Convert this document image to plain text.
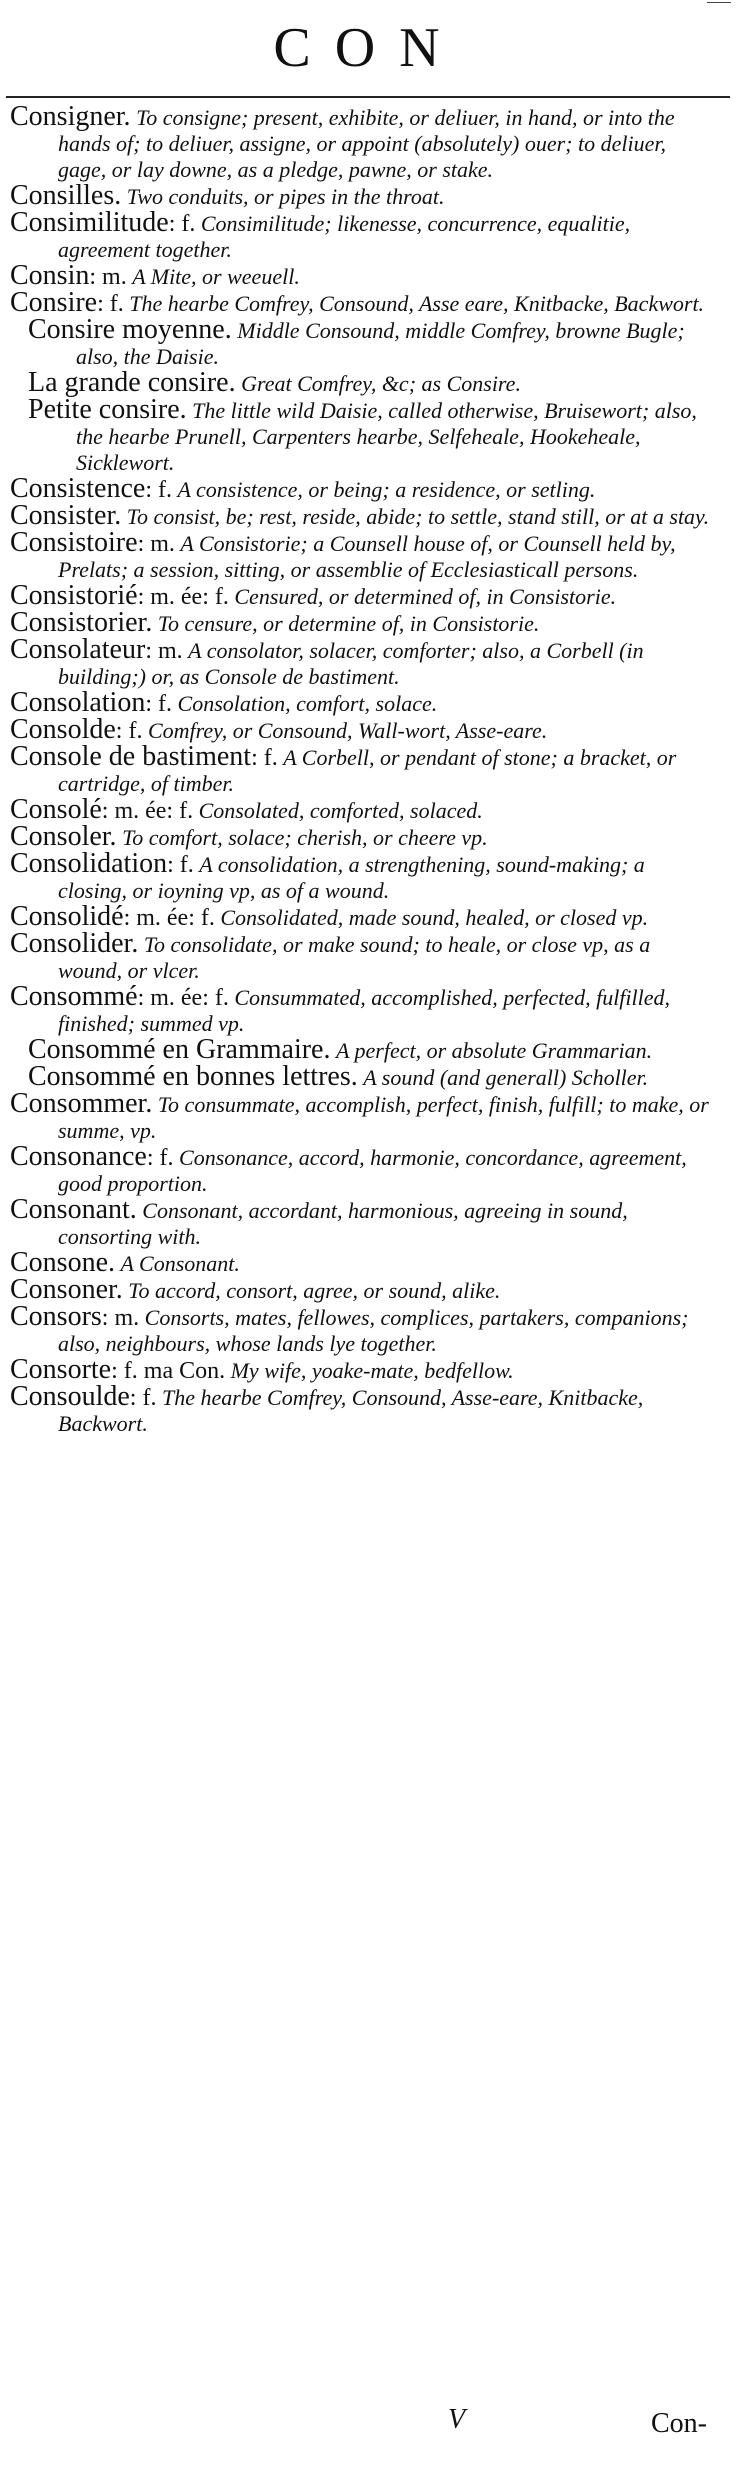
CON

Consigner. To consigne; present, exhibite, or deliuer, in hand, or into the hands of; to deliuer, assigne, or appoint (absolutely) ouer; to deliuer, gage, or lay downe, as a pledge, pawne, or stake.

Consilles. Two conduits, or pipes in the throat.

Consimilitude: f. Consimilitude; likenesse, concurrence, equalitie, agreement together.

Consin: m. A Mite, or weeuell.

Consire: f. The hearbe Comfrey, Consound, Asse eare, Knitbacke, Backwort.

Consire moyenne. Middle Consound, middle Comfrey, browne Bugle; also, the Daisie.

La grande consire. Great Comfrey, &c; as Consire.

Petite consire. The little wild Daisie, called otherwise, Bruisewort; also, the hearbe Prunell, Carpenters hearbe, Selfeheale, Hookeheale, Sicklewort.

Consistence: f. A consistence, or being; a residence, or setling.

Consister. To consist, be; rest, reside, abide; to settle, stand still, or at a stay.

Consistoire: m. A Consistorie; a Counsell house of, or Counsell held by, Prelats; a session, sitting, or assemblie of Ecclesiasticall persons.

Consistorié: m. ée: f. Censured, or determined of, in Consistorie.

Consistorier. To censure, or determine of, in Consistorie.

Consolateur: m. A consolator, solacer, comforter; also, a Corbell (in building;) or, as Console de bastiment.

Consolation: f. Consolation, comfort, solace.

Consolde: f. Comfrey, or Consound, Wall-wort, Asse-eare.

Console de bastiment: f. A Corbell, or pendant of stone; a bracket, or cartridge, of timber.

Consolé: m. ée: f. Consolated, comforted, solaced.

Consoler. To comfort, solace; cherish, or cheere vp.

Consolidation: f. A consolidation, a strengthening, sound-making; a closing, or ioyning vp, as of a wound.

Consolidé: m. ée: f. Consolidated, made sound, healed, or closed vp.

Consolider. To consolidate, or make sound; to heale, or close vp, as a wound, or vlcer.

Consommé: m. ée: f. Consummated, accomplished, perfected, fulfilled, finished; summed vp.

Consommé en Grammaire. A perfect, or absolute Grammarian.

Consommé en bonnes lettres. A sound (and generall) Scholler.

Consommer. To consummate, accomplish, perfect, finish, fulfill; to make, or summe, vp.

Consonance: f. Consonance, accord, harmonie, concordance, agreement, good proportion.

Consonant. Consonant, accordant, harmonious, agreeing in sound, consorting with.

Consone. A Consonant.

Consoner. To accord, consort, agree, or sound, alike.

Consors: m. Consorts, mates, fellowes, complices, partakers, companions; also, neighbours, whose lands lye together.

Consorte: f. ma Con. My wife, yoake-mate, bedfellow.

Consoulde: f. The hearbe Comfrey, Consound, Asse-eare, Knitbacke, Backwort.

V	Con-
